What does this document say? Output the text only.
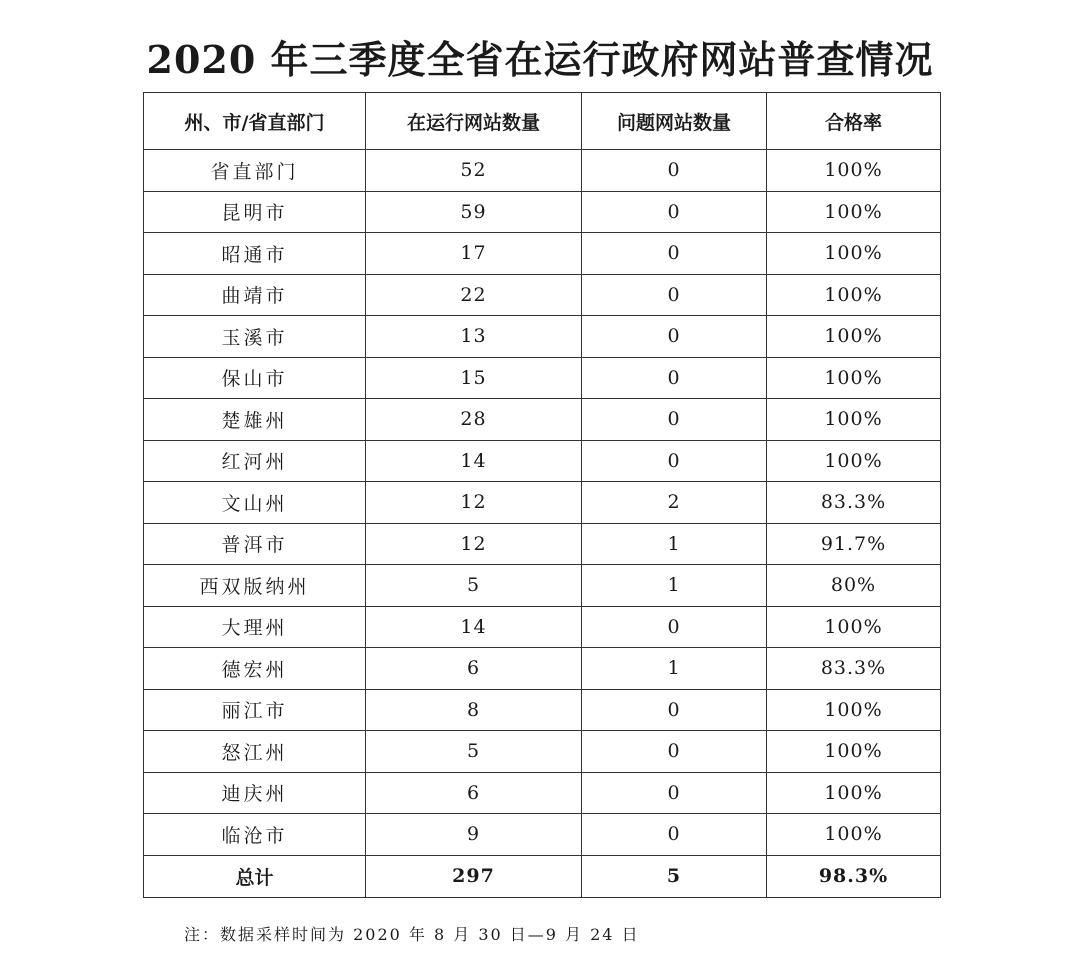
2020 年三季度全省在运行政府网站普查情况
州、市/省直部门	在运行网站数量	问题网站数量	合格率
省直部门	52	0	100%
昆明市	59	0	100%
昭通市	17	0	100%
曲靖市	22	0	100%
玉溪市	13	0	100%
保山市	15	0	100%
楚雄州	28	0	100%
红河州	14	0	100%
文山州	12	2	83.3%
普洱市	12	1	91.7%
西双版纳州	5	1	80%
大理州	14	0	100%
德宏州	6	1	83.3%
丽江市	8	0	100%
怒江州	5	0	100%
迪庆州	6	0	100%
临沧市	9	0	100%
总计	297	5	98.3%
注：数据采样时间为 2020 年 8 月 30 日—9 月 24 日
